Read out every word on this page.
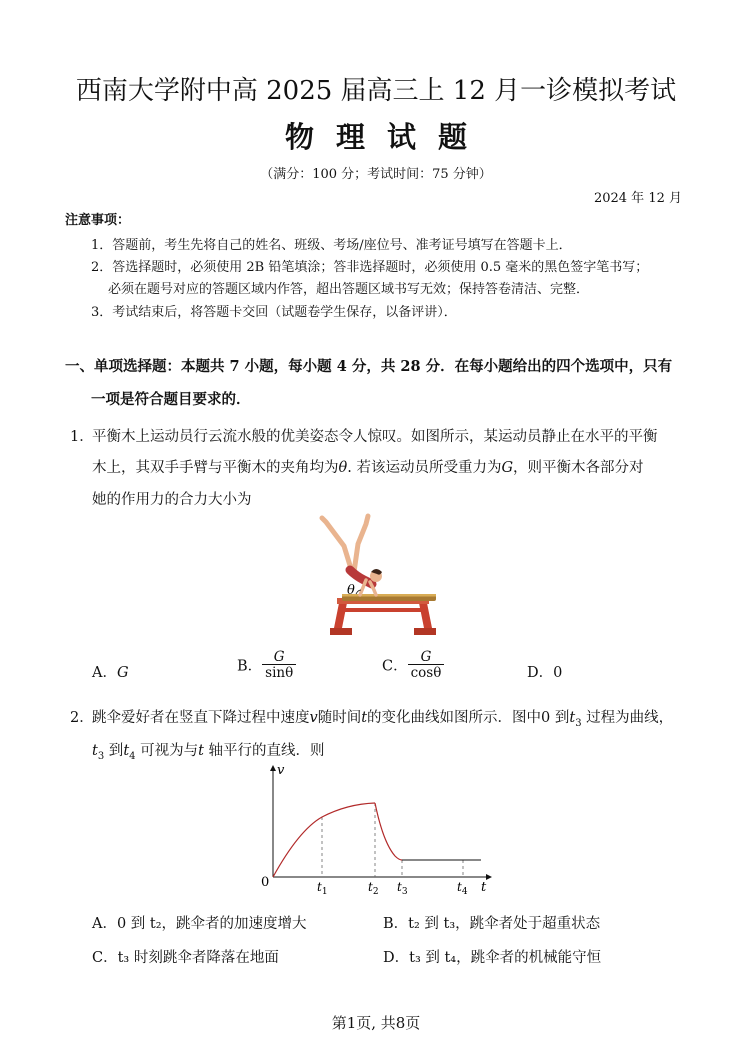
西南大学附中高 2025 届高三上 12 月一诊模拟考试
物理试题
（满分：100 分；考试时间：75 分钟）
2024 年 12 月
注意事项：
1．答题前，考生先将自己的姓名、班级、考场/座位号、准考证号填写在答题卡上．
2．答选择题时，必须使用 2B 铅笔填涂；答非选择题时，必须使用 0.5 毫米的黑色签字笔书写；
必须在题号对应的答题区域内作答，超出答题区域书写无效；保持答卷清洁、完整．
3．考试结束后，将答题卡交回（试题卷学生保存，以备评讲）．
一、单项选择题：本题共 7 小题，每小题 4 分，共 28 分．在每小题给出的四个选项中，只有
一项是符合题目要求的．
1．
平衡木上运动员行云流水般的优美姿态令人惊叹。如图所示，某运动员静止在水平的平衡
木上，其双手手臂与平衡木的夹角均为θ. 若该运动员所受重力为G，则平衡木各部分对
她的作用力的合力大小为
θ
A．G	B． $\frac{G}{\sin\theta}$	C． $\frac{G}{\cos\theta}$	D．0
2．
跳伞爱好者在竖直下降过程中速度v随时间t的变化曲线如图所示．图中0 到$t_3$ 过程为曲线，
$t_3$ 到$t_4$ 可视为与t 轴平行的直线．则
v
t
0	$t_1$	$t_2$ $t_3$	$t_4$
A．0 到 t₂，跳伞者的加速度增大	B．t₂ 到 t₃，跳伞者处于超重状态
C．t₃ 时刻跳伞者降落在地面	D．t₃ 到 t₄，跳伞者的机械能守恒
第1页, 共8页
